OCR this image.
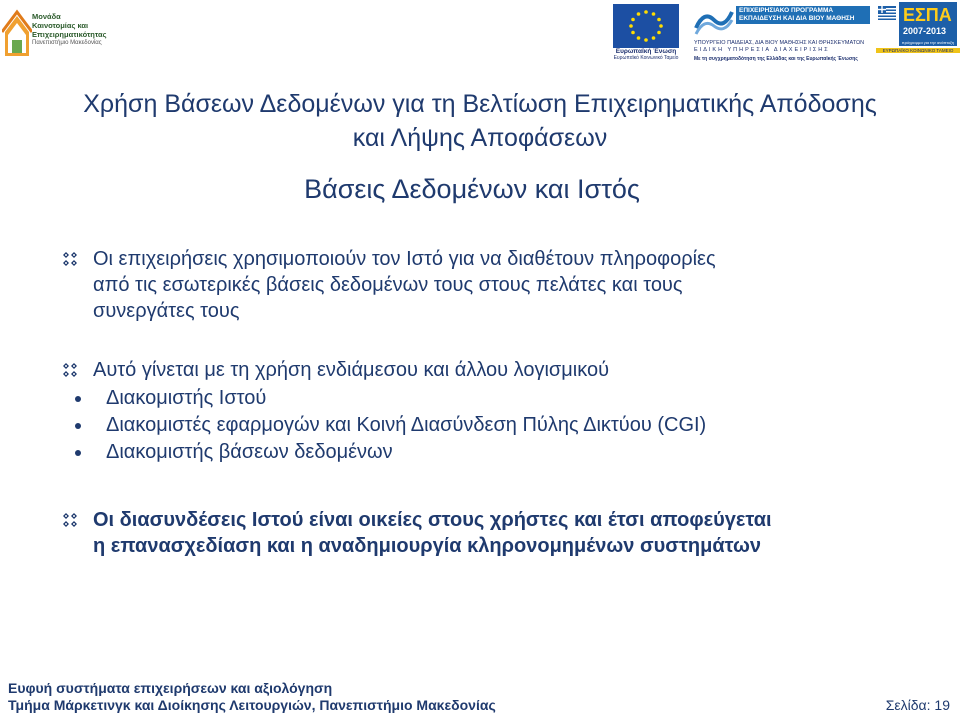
Μονάδα
Καινοτομίας και
Επιχειρηματικότητας
Πανεπιστήμιο Μακεδονίας
Ευρωπαϊκή Ένωση
Ευρωπαϊκό Κοινωνικό Ταμείο
ΕΠΙΧΕΙΡΗΣΙΑΚΟ ΠΡΟΓΡΑΜΜΑ
ΕΚΠΑΙΔΕΥΣΗ ΚΑΙ ΔΙΑ ΒΙΟΥ ΜΑΘΗΣΗ
ΥΠΟΥΡΓΕΙΟ ΠΑΙΔΕΙΑΣ, ΔΙΑ ΒΙΟΥ ΜΑΘΗΣΗΣ ΚΑΙ ΘΡΗΣΚΕΥΜΑΤΩΝ
ΕΙΔΙΚΗ ΥΠΗΡΕΣΙΑ ΔΙΑΧΕΙΡΙΣΗΣ
Με τη συγχρηματοδότηση της Ελλάδας και της Ευρωπαϊκής Ένωσης
ΕΣΠΑ
2007-2013
πρόγραμμα για την ανάπτυξη
ΕΥΡΩΠΑΪΚΟ ΚΟΙΝΩΝΙΚΟ ΤΑΜΕΙΟ
Χρήση Βάσεων Δεδομένων για τη Βελτίωση Επιχειρηματικής Απόδοσης
και Λήψης Αποφάσεων
Βάσεις Δεδομένων και Ιστός
Οι επιχειρήσεις χρησιμοποιούν τον Ιστό για να διαθέτουν πληροφορίες
από τις εσωτερικές βάσεις δεδομένων τους στους πελάτες και τους
συνεργάτες τους
Αυτό γίνεται με τη χρήση ενδιάμεσου και άλλου λογισμικού
Διακομιστής Ιστού
Διακομιστές εφαρμογών και Κοινή Διασύνδεση Πύλης Δικτύου (CGI)
Διακομιστής βάσεων δεδομένων
Οι διασυνδέσεις Ιστού είναι οικείες στους χρήστες και έτσι αποφεύγεται
η επανασχεδίαση και η αναδημιουργία κληρονομημένων συστημάτων
Ευφυή συστήματα επιχειρήσεων και αξιολόγηση
Τμήμα Μάρκετινγκ και Διοίκησης Λειτουργιών, Πανεπιστήμιο Μακεδονίας	Σελίδα: 19
